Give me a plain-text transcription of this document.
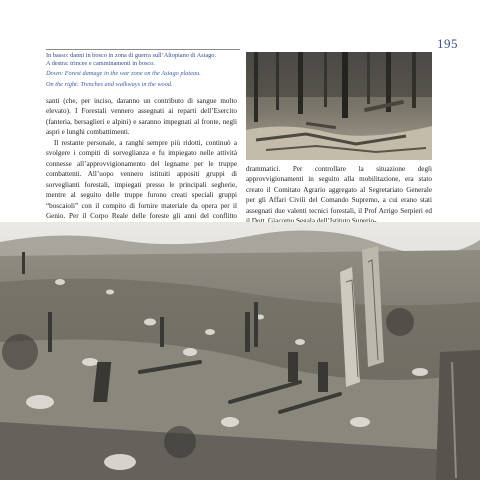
195
In basso: danni in bosco in zona di guerra sull’Altopiano di Asiago.
A destra: trincee e camminamenti in bosco.
Down: Forest damage in the war zone on the Asiago plateau.
On the right: Trenches and walkways in the wood.

santi (che, per inciso, daranno un contributo di sangue molto elevato). I Forestali vennero assegnati ai reparti dell’Esercito (fanteria, bersaglieri e alpini) e saranno impegnati al fronte, negli aspri e lunghi combattimenti.

Il restante personale, a ranghi sempre più ridotti, continuò a svolgere i compiti di sorveglianza e fu impiegato nelle attività connesse all’approvvigionamento del legname per le truppe combattenti. All’uopo vennero istituiti appositi gruppi di sorveglianti forestali, impiegati presso le principali segherie, mentre al seguito delle truppe furono creati speciali gruppi “boscaioli” con il compito di fornire materiale da opera per il Genio. Per il Corpo Reale delle foreste gli anni del conflitto

drammatici. Per controllare la situazione degli approvvigionamenti in seguito alla mobilitazione, era stato creato il Comitato Agrario aggregato al Segretariato Generale per gli Affari Civili del Comando Supremo, a cui erano stati assegnati due valenti tecnici forestali, il Prof Arrigo Serpieri ed
